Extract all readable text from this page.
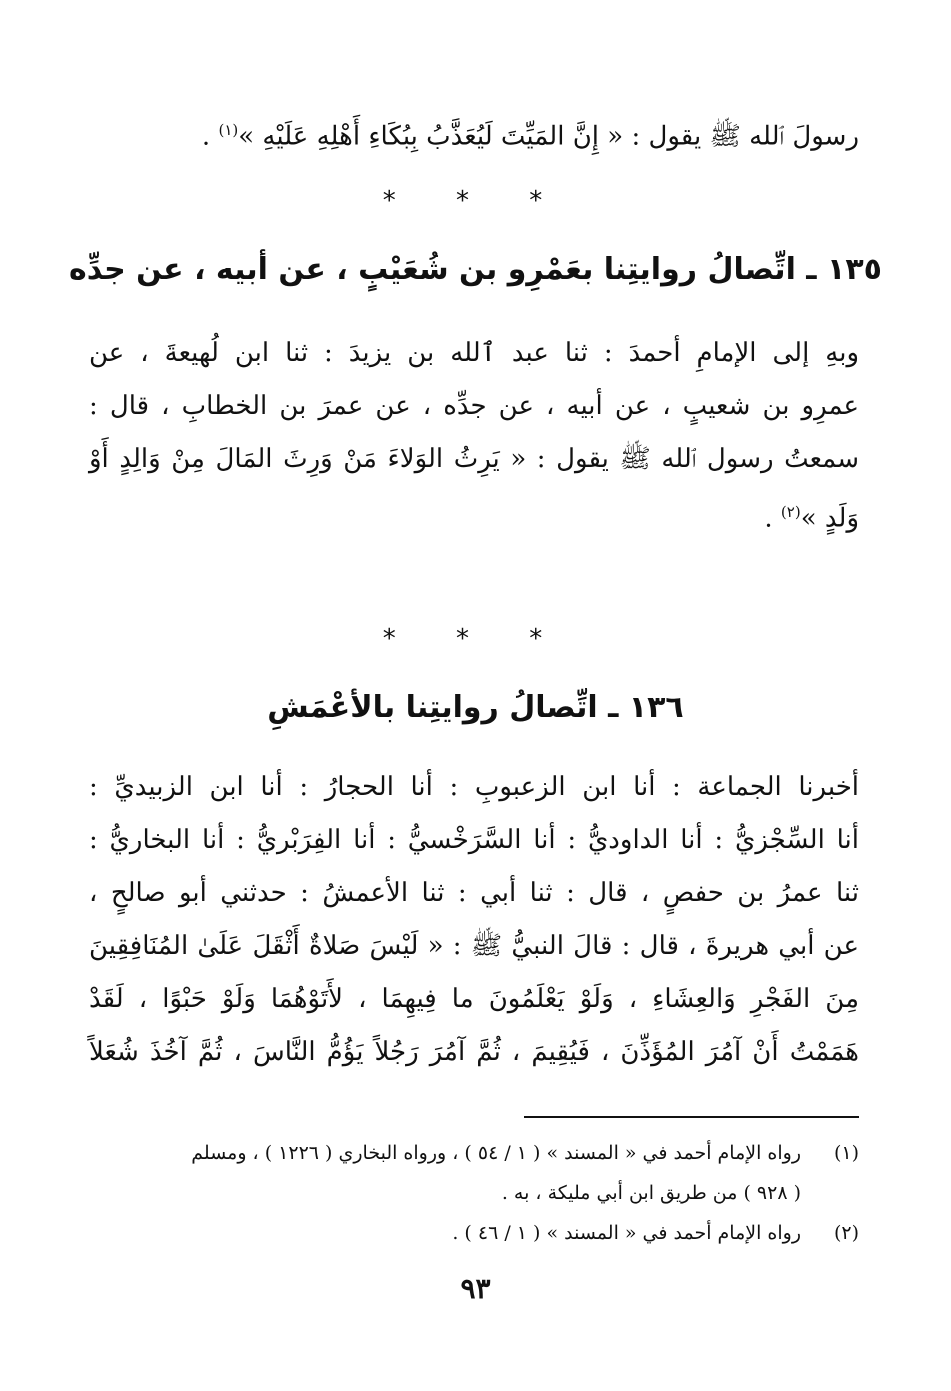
رسولَ ٱلله ﷺ يقول : « إِنَّ المَيِّتَ لَيُعَذَّبُ بِبُكَاءِ أَهْلِهِ عَلَيْهِ »$^{(١)}$ .
* * *
١٣٥ ـ اتِّصالُ روايتِنا بعَمْرِو بن شُعَيْبٍ ، عن أبيه ، عن جدِّه
وبهِ إلى الإمامِ أحمدَ : ثنا عبد ٱلله بن يزيدَ : ثنا ابن لُهيعةَ ، عن
عمرِو بن شعيبٍ ، عن أبيه ، عن جدِّه ، عن عمرَ بن الخطابِ ، قال :
سمعتُ رسول ٱلله ﷺ يقول : « يَرِثُ الوَلاءَ مَنْ وَرِثَ المَالَ مِنْ وَالِدٍ أَوْ
وَلَدٍ »$^{(٢)}$ .
* * *
١٣٦ ـ اتِّصالُ روايتِنا بالأعْمَشِ
أخبرنا الجماعة : أنا ابن الزعبوبِ : أنا الحجارُ : أنا ابن الزبيديِّ :
أنا السِّجْزيُّ : أنا الداوديُّ : أنا السَّرَخْسيُّ : أنا الفِرَبْريُّ : أنا البخاريُّ :
ثنا عمرُ بن حفصٍ ، قال : ثنا أبي : ثنا الأعمشُ : حدثني أبو صالحٍ ،
عن أبي هريرةَ ، قال : قالَ النبيُّ ﷺ : « لَيْسَ صَلاةٌ أَثْقَلَ عَلَىٰ المُنَافِقِينَ
مِنَ الفَجْرِ وَالعِشَاءِ ، وَلَوْ يَعْلَمُونَ ما فِيهِمَا ، لأَتَوْهُمَا وَلَوْ حَبْوًا ، لَقَدْ
هَمَمْتُ أَنْ آمُرَ المُؤَذِّنَ ، فَيُقِيمَ ، ثُمَّ آمُرَ رَجُلاً يَؤُمُّ النَّاسَ ، ثُمَّ آخُذَ شُعَلاً
(١)رواه الإمام أحمد في « المسند » ( ١ / ٥٤ ) ، ورواه البخاري ( ١٢٢٦ ) ، ومسلم
( ٩٢٨ ) من طريق ابن أبي مليكة ، به .
(٢)رواه الإمام أحمد في « المسند » ( ١ / ٤٦ ) .
٩٣
